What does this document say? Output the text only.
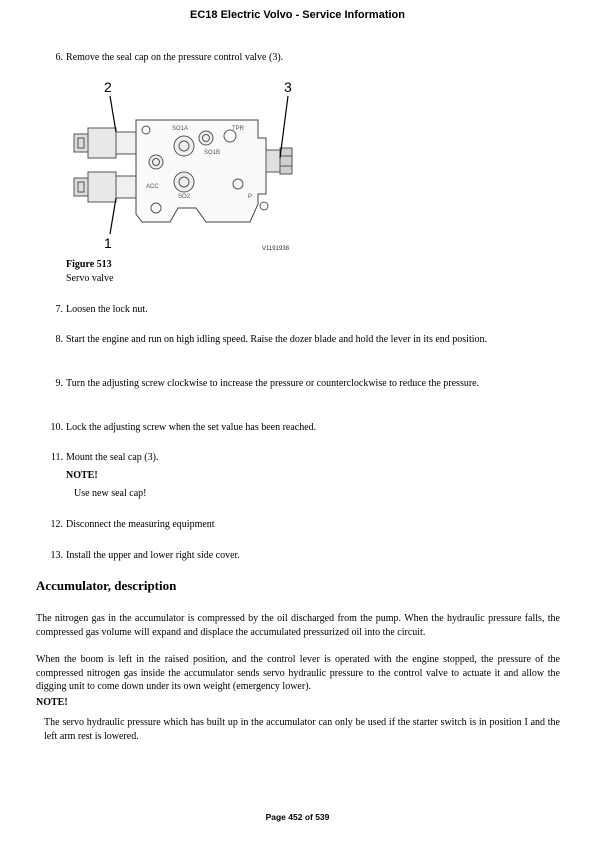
EC18 Electric Volvo - Service Information
6. Remove the seal cap on the pressure control valve (3).
2	3
1
SO1A	TPR
SO1B
ACC
SO2	P
V1191938
Figure 513
Servo valve
7. Loosen the lock nut.
8. Start the engine and run on high idling speed. Raise the dozer blade and hold the lever in its end position.
9. Turn the adjusting screw clockwise to increase the pressure or counterclockwise to reduce the pressure.
10. Lock the adjusting screw when the set value has been reached.
11. Mount the seal cap (3).
NOTE!
Use new seal cap!
12. Disconnect the measuring equipment
13. Install the upper and lower right side cover.
Accumulator, description
The nitrogen gas in the accumulator is compressed by the oil discharged from the pump. When the hydraulic pressure falls, the compressed gas volume will expand and displace the accumulated pressurized oil into the circuit.
When the boom is left in the raised position, and the control lever is operated with the engine stopped, the pressure of the compressed nitrogen gas inside the accumulator sends servo hydraulic pressure to the control valve to actuate it and allow the digging unit to come down under its own weight (emergency lower).
NOTE!
The servo hydraulic pressure which has built up in the accumulator can only be used if the starter switch is in position I and the left arm rest is lowered.
Page 452 of 539
